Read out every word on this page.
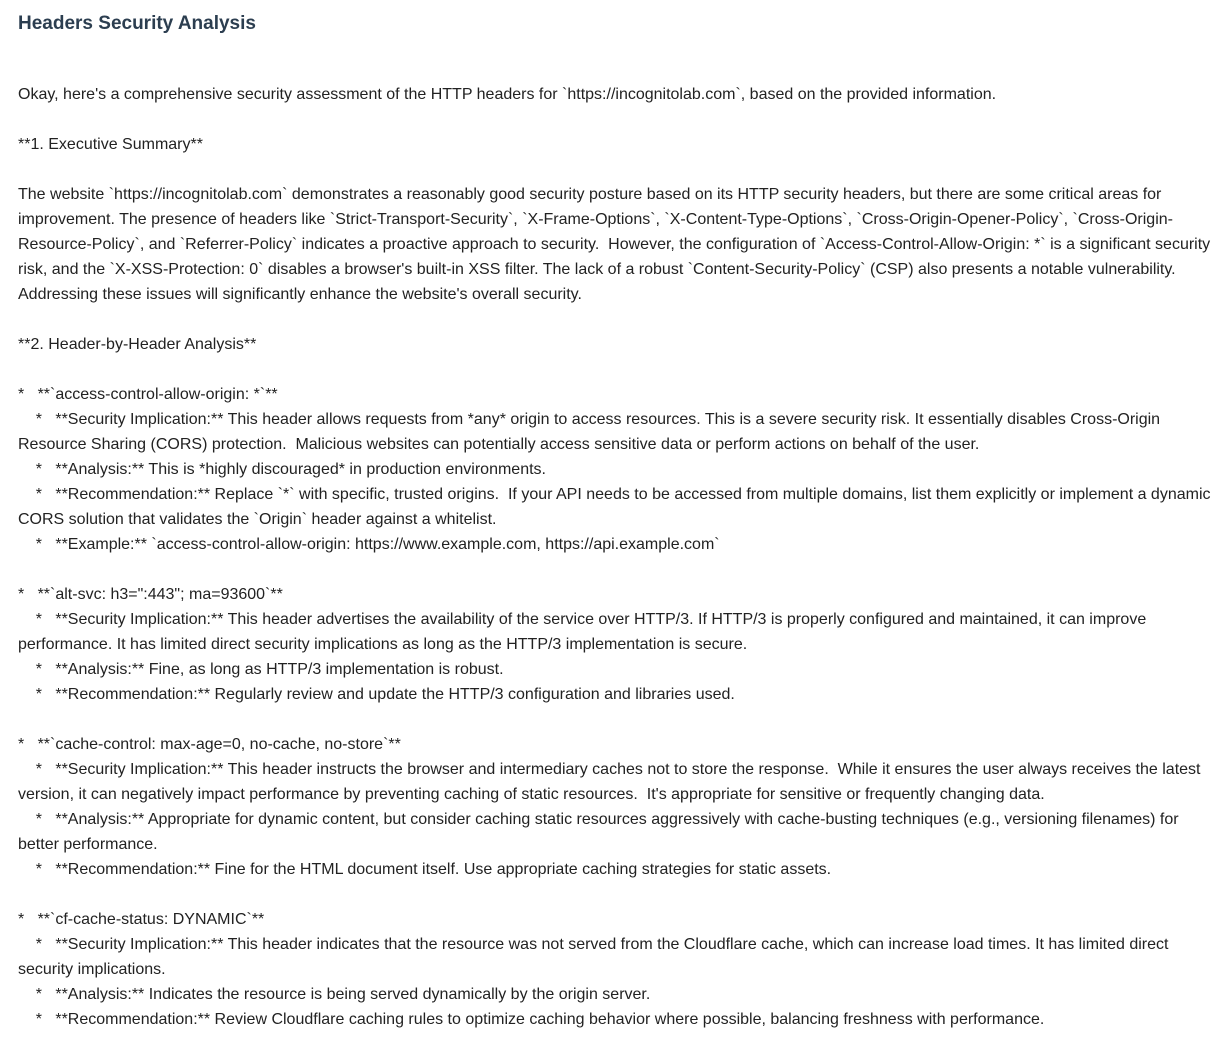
Headers Security Analysis
Okay, here's a comprehensive security assessment of the HTTP headers for `https://incognitolab.com`, based on the provided information.
**1. Executive Summary**
The website `https://incognitolab.com` demonstrates a reasonably good security posture based on its HTTP security headers, but there are some critical areas for improvement. The presence of headers like `Strict-Transport-Security`, `X-Frame-Options`, `X-Content-Type-Options`, `Cross-Origin-Opener-Policy`, `Cross-Origin-Resource-Policy`, and `Referrer-Policy` indicates a proactive approach to security.  However, the configuration of `Access-Control-Allow-Origin: *` is a significant security risk, and the `X-XSS-Protection: 0` disables a browser's built-in XSS filter. The lack of a robust `Content-Security-Policy` (CSP) also presents a notable vulnerability. Addressing these issues will significantly enhance the website's overall security.
**2. Header-by-Header Analysis**
*   **`access-control-allow-origin: *`**
*   **Security Implication:** This header allows requests from *any* origin to access resources. This is a severe security risk. It essentially disables Cross-Origin Resource Sharing (CORS) protection.  Malicious websites can potentially access sensitive data or perform actions on behalf of the user.
*   **Analysis:** This is *highly discouraged* in production environments.
*   **Recommendation:** Replace `*` with specific, trusted origins.  If your API needs to be accessed from multiple domains, list them explicitly or implement a dynamic CORS solution that validates the `Origin` header against a whitelist.
*   **Example:** `access-control-allow-origin: https://www.example.com, https://api.example.com`
*   **`alt-svc: h3=":443"; ma=93600`**
*   **Security Implication:** This header advertises the availability of the service over HTTP/3. If HTTP/3 is properly configured and maintained, it can improve performance. It has limited direct security implications as long as the HTTP/3 implementation is secure.
*   **Analysis:** Fine, as long as HTTP/3 implementation is robust.
*   **Recommendation:** Regularly review and update the HTTP/3 configuration and libraries used.
*   **`cache-control: max-age=0, no-cache, no-store`**
*   **Security Implication:** This header instructs the browser and intermediary caches not to store the response.  While it ensures the user always receives the latest version, it can negatively impact performance by preventing caching of static resources.  It's appropriate for sensitive or frequently changing data.
*   **Analysis:** Appropriate for dynamic content, but consider caching static resources aggressively with cache-busting techniques (e.g., versioning filenames) for better performance.
*   **Recommendation:** Fine for the HTML document itself. Use appropriate caching strategies for static assets.
*   **`cf-cache-status: DYNAMIC`**
*   **Security Implication:** This header indicates that the resource was not served from the Cloudflare cache, which can increase load times. It has limited direct security implications.
*   **Analysis:** Indicates the resource is being served dynamically by the origin server.
*   **Recommendation:** Review Cloudflare caching rules to optimize caching behavior where possible, balancing freshness with performance.
